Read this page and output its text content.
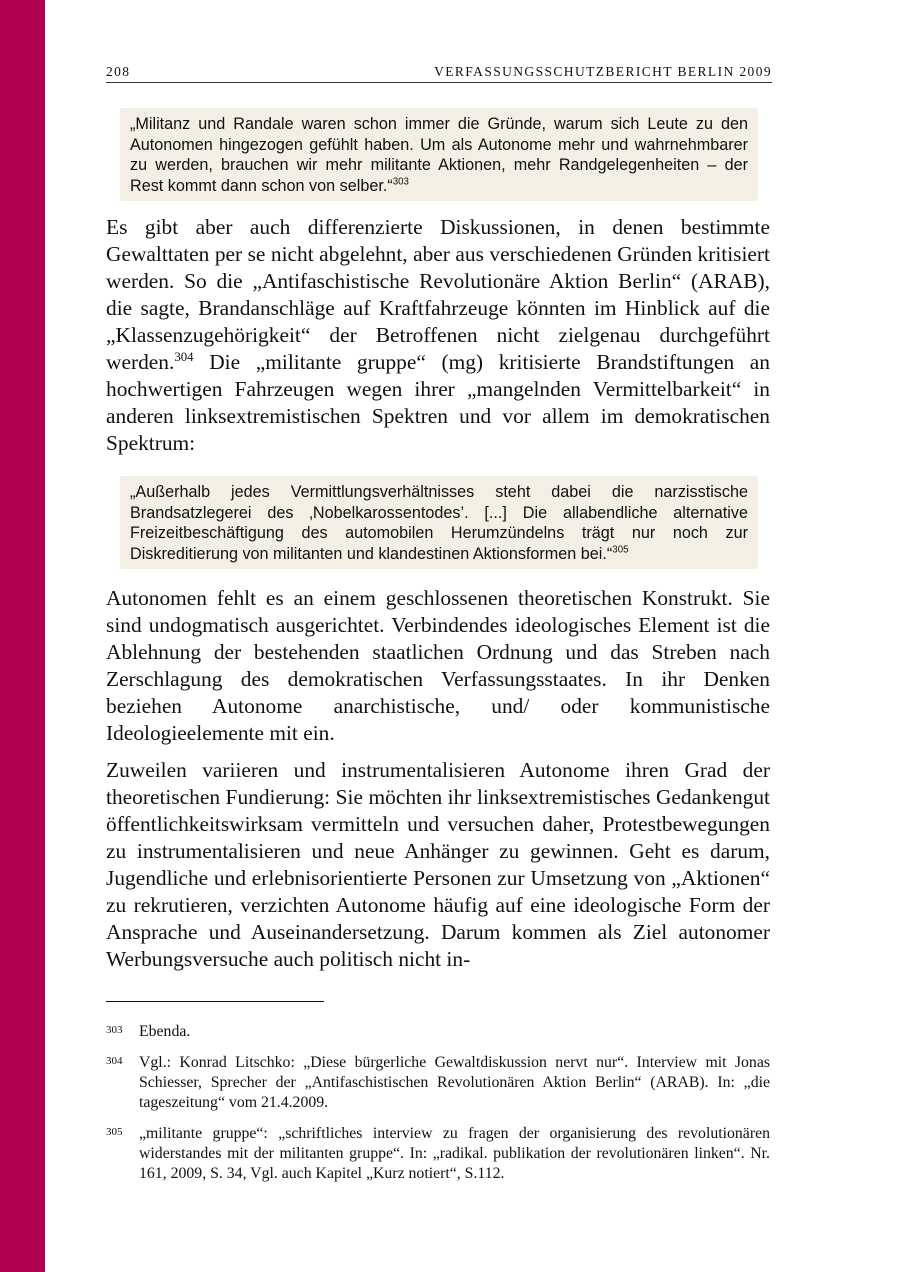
208	VERFASSUNGSSCHUTZBERICHT BERLIN 2009
„Militanz und Randale waren schon immer die Gründe, warum sich Leute zu den Autonomen hingezogen gefühlt haben. Um als Autonome mehr und wahrnehmbarer zu werden, brauchen wir mehr militante Aktionen, mehr Randgelegenheiten – der Rest kommt dann schon von selber.“$^{303}$
Es gibt aber auch differenzierte Diskussionen, in denen bestimmte Gewalttaten per se nicht abgelehnt, aber aus verschiedenen Gründen kritisiert werden. So die „Antifaschistische Revolutionäre Aktion Berlin“ (ARAB), die sagte, Brandanschläge auf Kraftfahrzeuge könnten im Hinblick auf die „Klassenzugehörigkeit“ der Betroffenen nicht zielgenau durchgeführt werden.$^{304}$ Die „militante gruppe“ (mg) kritisierte Brandstiftungen an hochwertigen Fahrzeugen wegen ihrer „mangelnden Vermittelbarkeit“ in anderen linksextremistischen Spektren und vor allem im demokratischen Spektrum:
„Außerhalb jedes Vermittlungsverhältnisses steht dabei die narzisstische Brandsatzlegerei des ‚Nobelkarossentodes’. [...] Die allabendliche alternative Freizeitbeschäftigung des automobilen Herumzündelns trägt nur noch zur Diskreditierung von militanten und klandestinen Aktionsformen bei.“$^{305}$
Autonomen fehlt es an einem geschlossenen theoretischen Konstrukt. Sie sind undogmatisch ausgerichtet. Verbindendes ideologisches Element ist die Ablehnung der bestehenden staatlichen Ordnung und das Streben nach Zerschlagung des demokratischen Verfassungsstaates. In ihr Denken beziehen Autonome anarchistische, und/ oder kommunistische Ideologieelemente mit ein.
Zuweilen variieren und instrumentalisieren Autonome ihren Grad der theoretischen Fundierung: Sie möchten ihr linksextremistisches Gedankengut öffentlichkeitswirksam vermitteln und versuchen daher, Protestbewegungen zu instrumentalisieren und neue Anhänger zu gewinnen. Geht es darum, Jugendliche und erlebnisorientierte Personen zur Umsetzung von „Aktionen“ zu rekrutieren, verzichten Autonome häufig auf eine ideologische Form der Ansprache und Auseinandersetzung. Darum kommen als Ziel autonomer Werbungsversuche auch politisch nicht in-
303 Ebenda.
304 Vgl.: Konrad Litschko: „Diese bürgerliche Gewaltdiskussion nervt nur“. Interview mit Jonas Schiesser, Sprecher der „Antifaschistischen Revolutionären Aktion Berlin“ (ARAB). In: „die tageszeitung“ vom 21.4.2009.
305 „militante gruppe“: „schriftliches interview zu fragen der organisierung des revolutionären widerstandes mit der militanten gruppe“. In: „radikal. publikation der revolutionären linken“. Nr. 161, 2009, S. 34, Vgl. auch Kapitel „Kurz notiert“, S.112.
